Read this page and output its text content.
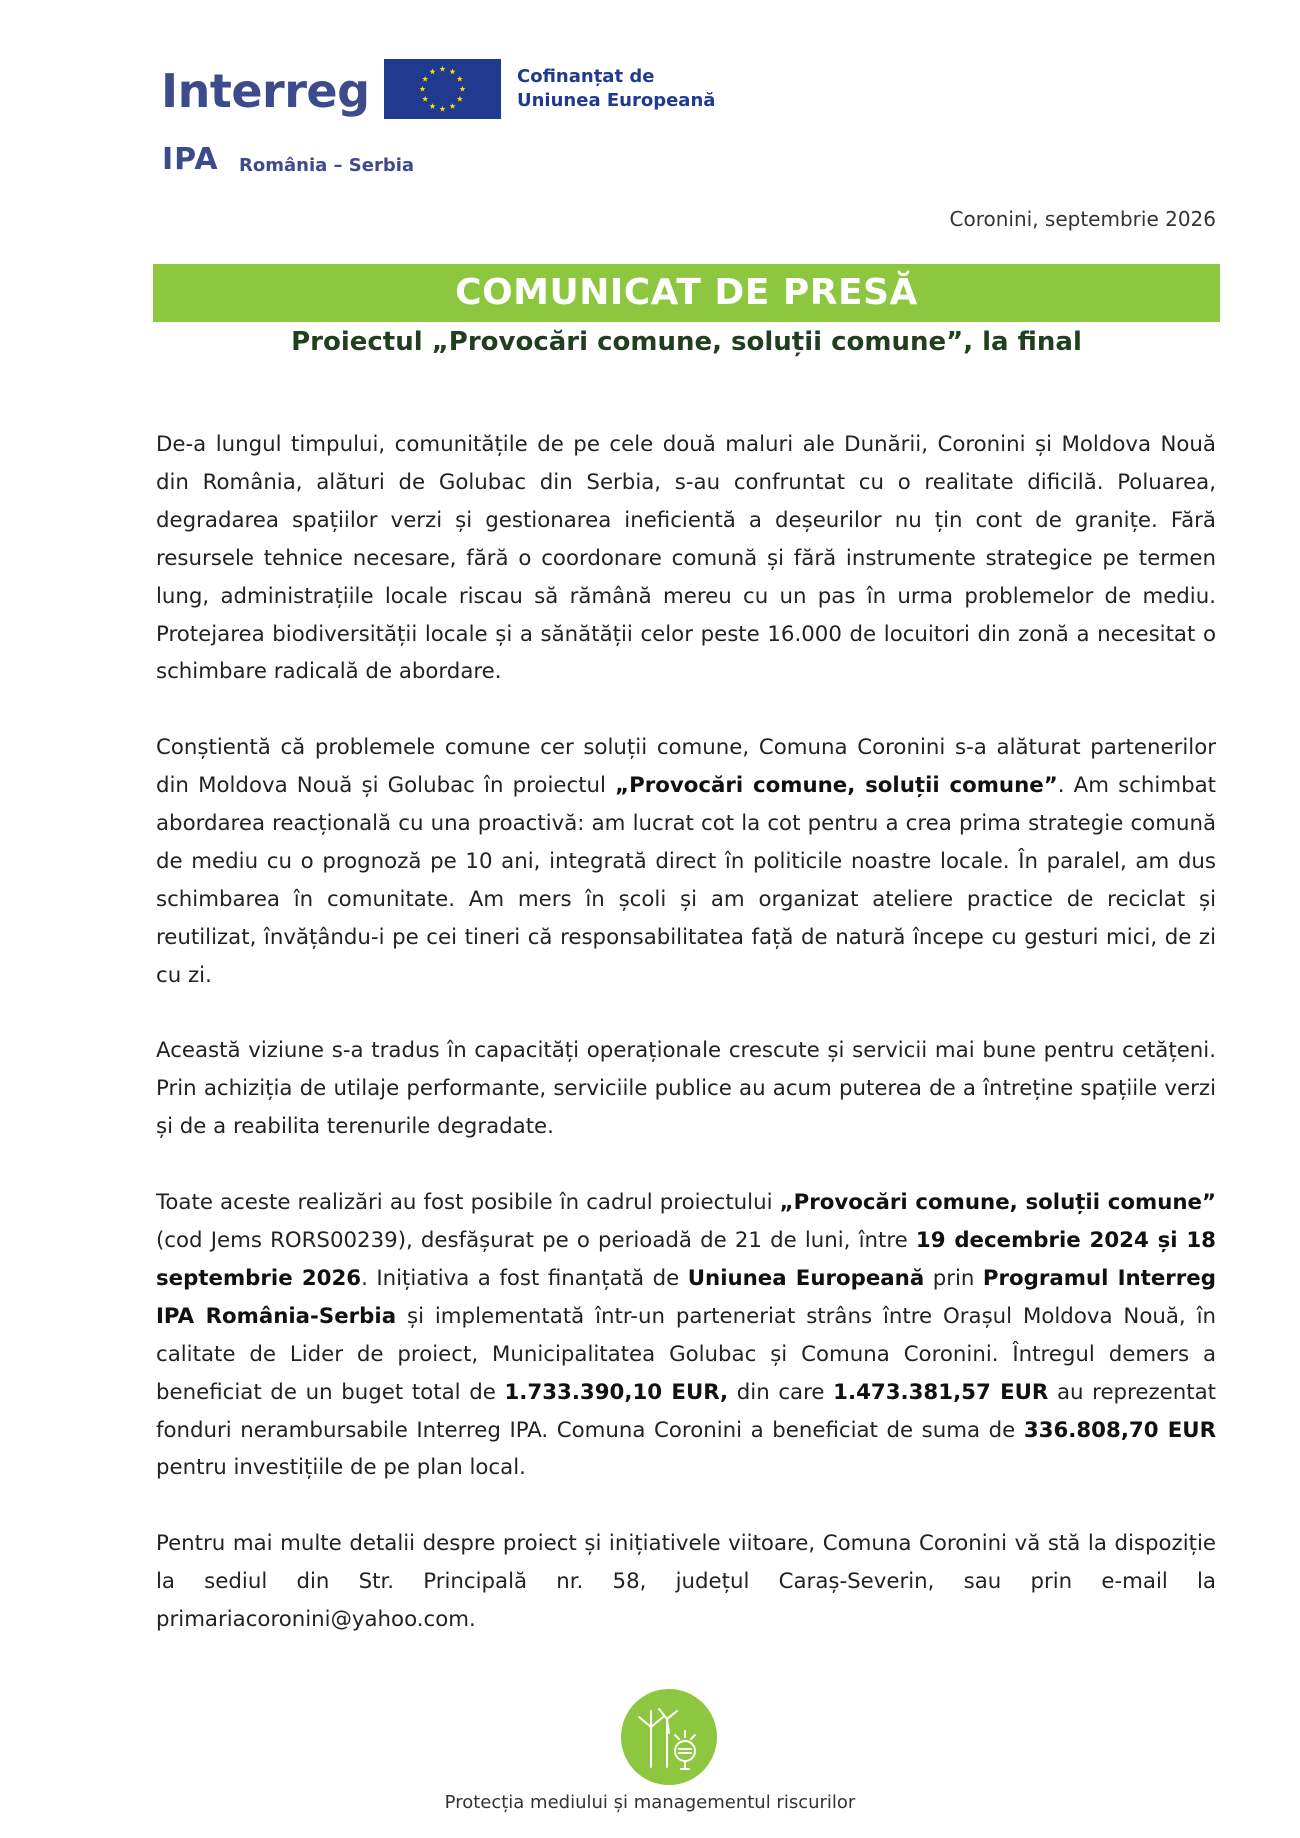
Interreg	Cofinanțat de
Uniunea Europeană
IPA România – Serbia
Coronini, septembrie 2026
COMUNICAT DE PRESĂ
Proiectul „Provocări comune, soluții comune”, la final

De-a lungul timpului, comunitățile de pe cele două maluri ale Dunării, Coronini și Moldova Nouă din România, alături de Golubac din Serbia, s-au confruntat cu o realitate dificilă. Poluarea, degradarea spațiilor verzi și gestionarea ineficientă a deșeurilor nu țin cont de granițe. Fără resursele tehnice necesare, fără o coordonare comună și fără instrumente strategice pe termen lung, administrațiile locale riscau să rămână mereu cu un pas în urma problemelor de mediu. Protejarea biodiversității locale și a sănătății celor peste 16.000 de locuitori din zonă a necesitat o schimbare radicală de abordare.

Conștientă că problemele comune cer soluții comune, Comuna Coronini s-a alăturat partenerilor din Moldova Nouă și Golubac în proiectul „Provocări comune, soluții comune”. Am schimbat abordarea reacțională cu una proactivă: am lucrat cot la cot pentru a crea prima strategie comună de mediu cu o prognoză pe 10 ani, integrată direct în politicile noastre locale. În paralel, am dus schimbarea în comunitate. Am mers în școli și am organizat ateliere practice de reciclat și reutilizat, învățându-i pe cei tineri că responsabilitatea față de natură începe cu gesturi mici, de zi cu zi.

Această viziune s-a tradus în capacități operaționale crescute și servicii mai bune pentru cetățeni. Prin achiziția de utilaje performante, serviciile publice au acum puterea de a întreține spațiile verzi și de a reabilita terenurile degradate.

Toate aceste realizări au fost posibile în cadrul proiectului „Provocări comune, soluții comune” (cod Jems RORS00239), desfășurat pe o perioadă de 21 de luni, între 19 decembrie 2024 și 18 septembrie 2026. Inițiativa a fost finanțată de Uniunea Europeană prin Programul Interreg IPA România-Serbia și implementată într-un parteneriat strâns între Orașul Moldova Nouă, în calitate de Lider de proiect, Municipalitatea Golubac și Comuna Coronini. Întregul demers a beneficiat de un buget total de 1.733.390,10 EUR, din care 1.473.381,57 EUR au reprezentat fonduri nerambursabile Interreg IPA. Comuna Coronini a beneficiat de suma de 336.808,70 EUR pentru investițiile de pe plan local.

Pentru mai multe detalii despre proiect și inițiativele viitoare, Comuna Coronini vă stă la dispoziție la sediul din Str. Principală nr. 58, județul Caraș-Severin, sau prin e-mail la primariacoronini@yahoo.com.

Protecția mediului și managementul riscurilor
